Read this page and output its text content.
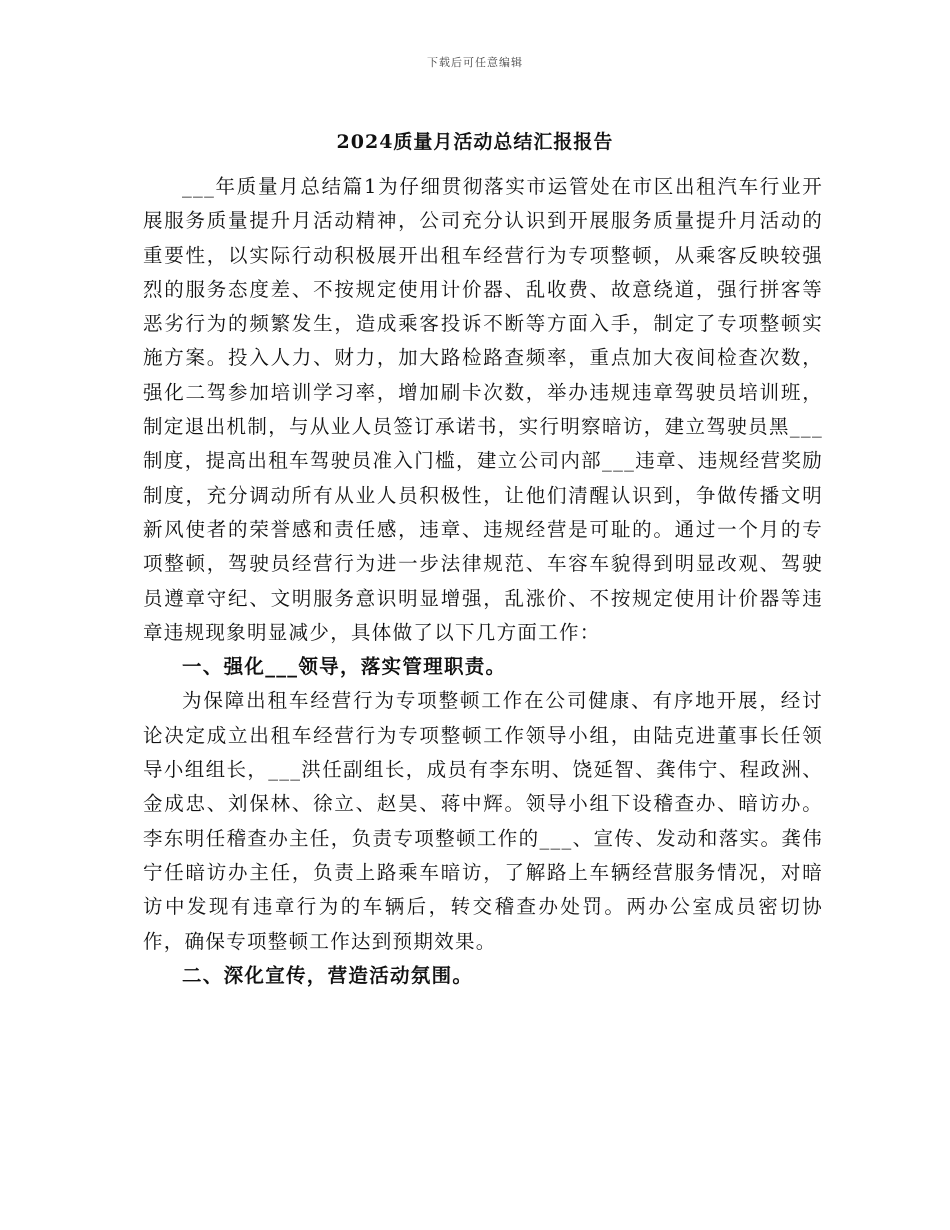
下载后可任意编辑
2024质量月活动总结汇报报告

___年质量月总结篇1为仔细贯彻落实市运管处在市区出租汽车行业开展服务质量提升月活动精神，公司充分认识到开展服务质量提升月活动的重要性，以实际行动积极展开出租车经营行为专项整顿，从乘客反映较强烈的服务态度差、不按规定使用计价器、乱收费、故意绕道，强行拼客等恶劣行为的频繁发生，造成乘客投诉不断等方面入手，制定了专项整顿实施方案。投入人力、财力，加大路检路查频率，重点加大夜间检查次数，强化二驾参加培训学习率，增加刷卡次数，举办违规违章驾驶员培训班，制定退出机制，与从业人员签订承诺书，实行明察暗访，建立驾驶员黑___制度，提高出租车驾驶员准入门槛，建立公司内部___违章、违规经营奖励制度，充分调动所有从业人员积极性，让他们清醒认识到，争做传播文明新风使者的荣誉感和责任感，违章、违规经营是可耻的。通过一个月的专项整顿，驾驶员经营行为进一步法律规范、车容车貌得到明显改观、驾驶员遵章守纪、文明服务意识明显增强，乱涨价、不按规定使用计价器等违章违规现象明显减少，具体做了以下几方面工作：

一、强化___领导，落实管理职责。

为保障出租车经营行为专项整顿工作在公司健康、有序地开展，经讨论决定成立出租车经营行为专项整顿工作领导小组，由陆克进董事长任领导小组组长，___洪任副组长，成员有李东明、饶延智、龚伟宁、程政洲、金成忠、刘保林、徐立、赵昊、蒋中辉。领导小组下设稽查办、暗访办。李东明任稽查办主任，负责专项整顿工作的___、宣传、发动和落实。龚伟宁任暗访办主任，负责上路乘车暗访，了解路上车辆经营服务情况，对暗访中发现有违章行为的车辆后，转交稽查办处罚。两办公室成员密切协作，确保专项整顿工作达到预期效果。

二、深化宣传，营造活动氛围。
